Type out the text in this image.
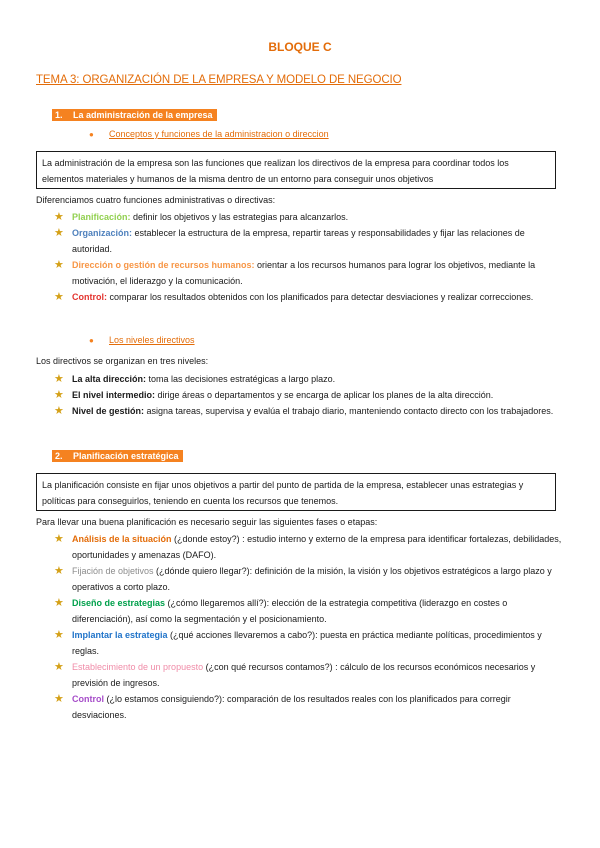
BLOQUE C
TEMA 3: ORGANIZACIÓN DE LA EMPRESA Y MODELO DE NEGOCIO
1. La administración de la empresa
● Conceptos y funciones de la administracion o direccion
La administración de la empresa son las funciones que realizan los directivos de la empresa para coordinar todos los elementos materiales y humanos de la misma dentro de un entorno para conseguir unos objetivos
Diferenciamos cuatro funciones administrativas o directivas:
★ Planificación: definir los objetivos y las estrategias para alcanzarlos.
★ Organización: establecer la estructura de la empresa, repartir tareas y responsabilidades y fijar las relaciones de autoridad.
★ Dirección o gestión de recursos humanos: orientar a los recursos humanos para lograr los objetivos, mediante la motivación, el liderazgo y la comunicación.
★ Control: comparar los resultados obtenidos con los planificados para detectar desviaciones y realizar correcciones.
● Los niveles directivos
Los directivos se organizan en tres niveles:
★ La alta dirección: toma las decisiones estratégicas a largo plazo.
★ El nivel intermedio: dirige áreas o departamentos y se encarga de aplicar los planes de la alta dirección.
★ Nivel de gestión: asigna tareas, supervisa y evalúa el trabajo diario, manteniendo contacto directo con los trabajadores.
2. Planificación estratégica
La planificación consiste en fijar unos objetivos a partir del punto de partida de la empresa, establecer unas estrategias y políticas para conseguirlos, teniendo en cuenta los recursos que tenemos.
Para llevar una buena planificación es necesario seguir las siguientes fases o etapas:
★ Análisis de la situación (¿donde estoy?) : estudio interno y externo de la empresa para identificar fortalezas, debilidades, oportunidades y amenazas (DAFO).
★ Fijación de objetivos (¿dónde quiero llegar?): definición de la misión, la visión y los objetivos estratégicos a largo plazo y operativos a corto plazo.
★ Diseño de estrategias (¿cómo llegaremos allí?): elección de la estrategia competitiva (liderazgo en costes o diferenciación), así como la segmentación y el posicionamiento.
★ Implantar la estrategia (¿qué acciones llevaremos a cabo?): puesta en práctica mediante políticas, procedimientos y reglas.
★ Establecimiento de un propuesto (¿con qué recursos contamos?) : cálculo de los recursos económicos necesarios y previsión de ingresos.
★ Control (¿lo estamos consiguiendo?): comparación de los resultados reales con los planificados para corregir desviaciones.
